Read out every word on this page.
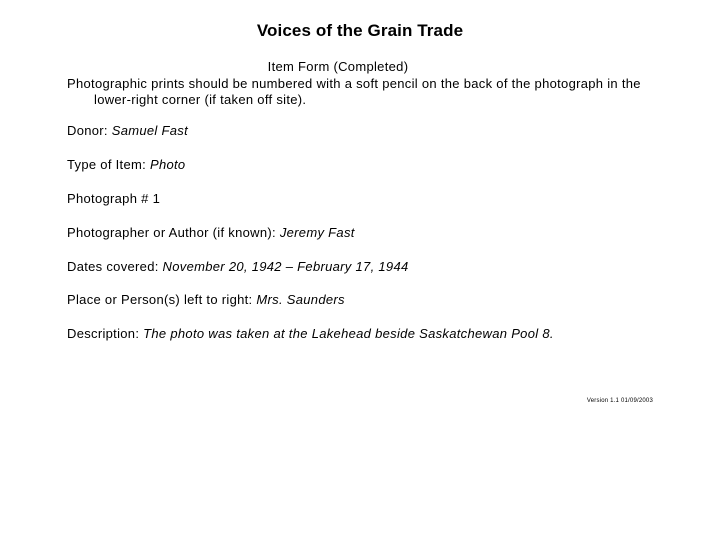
Voices of the Grain Trade
Item Form (Completed)
Photographic prints should be numbered with a soft pencil on the back of the photograph in the lower-right corner (if taken off site).
Donor: Samuel Fast
Type of Item: Photo
Photograph # 1
Photographer or Author (if known): Jeremy Fast
Dates covered: November 20, 1942 – February 17, 1944
Place or Person(s) left to right: Mrs. Saunders
Description: The photo was taken at the Lakehead beside Saskatchewan Pool 8.
Version 1.1 01/09/2003
